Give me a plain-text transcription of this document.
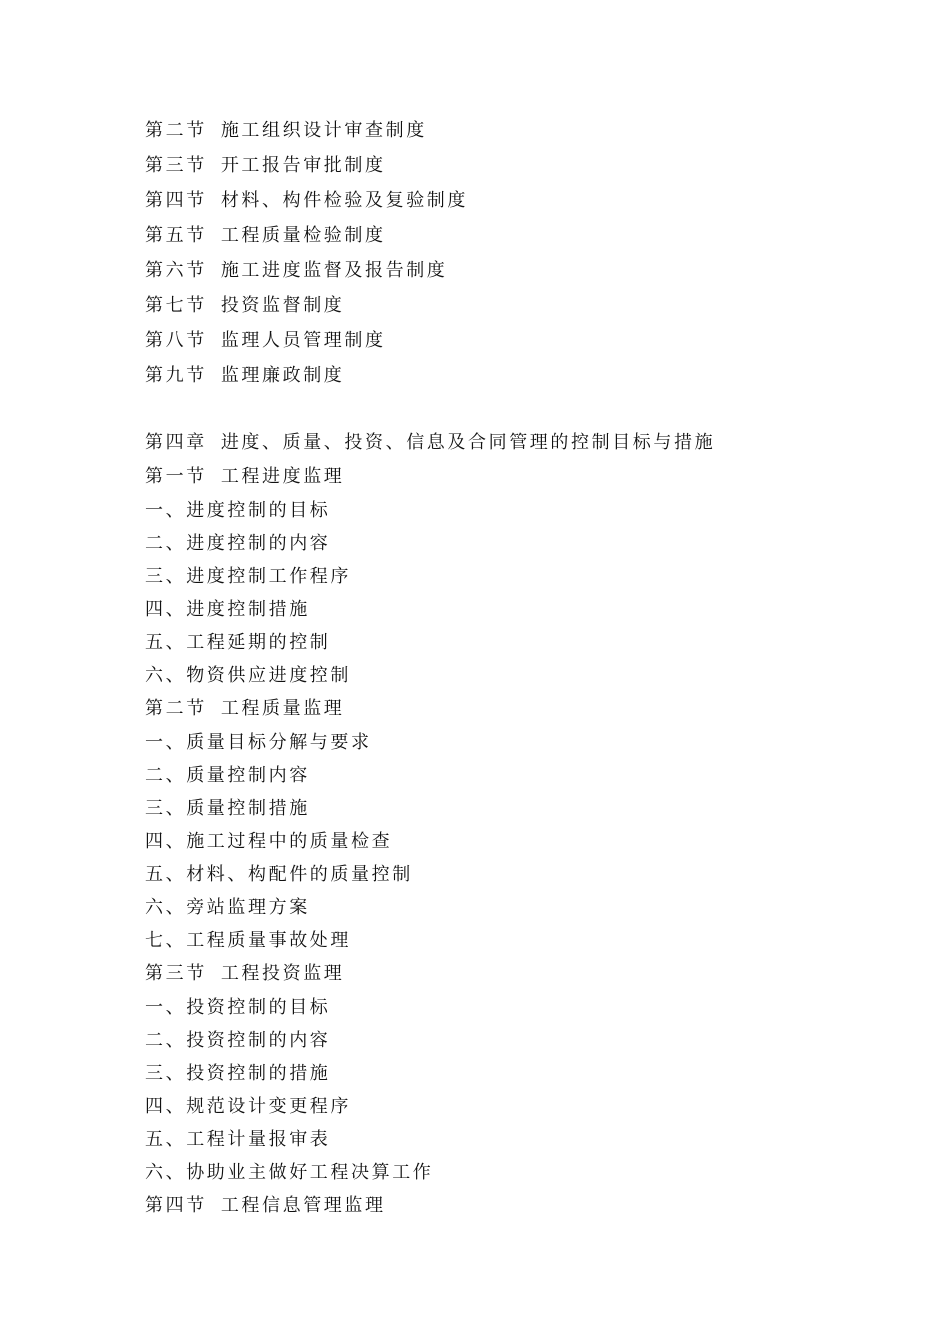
第二节 施工组织设计审查制度
第三节 开工报告审批制度
第四节 材料、构件检验及复验制度
第五节 工程质量检验制度
第六节 施工进度监督及报告制度
第七节 投资监督制度
第八节 监理人员管理制度
第九节 监理廉政制度
第四章 进度、质量、投资、信息及合同管理的控制目标与措施
第一节 工程进度监理
一、进度控制的目标
二、进度控制的内容
三、进度控制工作程序
四、进度控制措施
五、工程延期的控制
六、物资供应进度控制
第二节 工程质量监理
一、质量目标分解与要求
二、质量控制内容
三、质量控制措施
四、施工过程中的质量检查
五、材料、构配件的质量控制
六、旁站监理方案
七、工程质量事故处理
第三节 工程投资监理
一、投资控制的目标
二、投资控制的内容
三、投资控制的措施
四、规范设计变更程序
五、工程计量报审表
六、协助业主做好工程决算工作
第四节 工程信息管理监理
